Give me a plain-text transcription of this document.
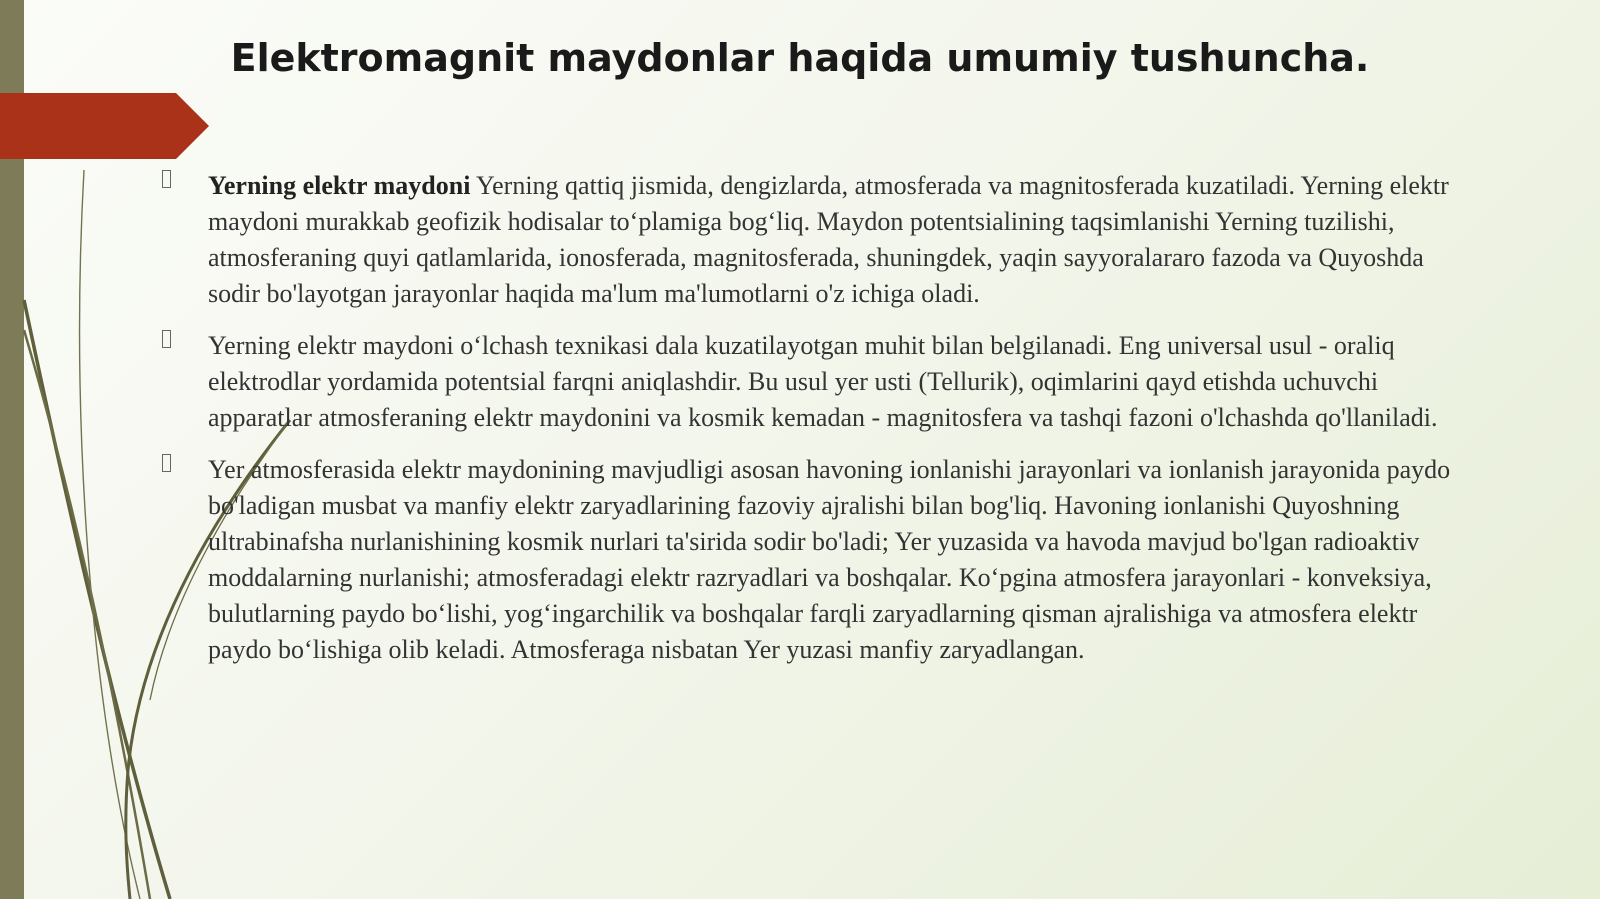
Elektromagnit maydonlar haqida umumiy tushuncha.

Yerning elektr maydoni Yerning qattiq jismida, dengizlarda, atmosferada va magnitosferada kuzatiladi. Yerning elektr maydoni murakkab geofizik hodisalar to‘plamiga bog‘liq. Maydon potentsialining taqsimlanishi Yerning tuzilishi, atmosferaning quyi qatlamlarida, ionosferada, magnitosferada, shuningdek, yaqin sayyoralararo fazoda va Quyoshda sodir bo'layotgan jarayonlar haqida ma'lum ma'lumotlarni o'z ichiga oladi.

Yerning elektr maydoni o‘lchash texnikasi dala kuzatilayotgan muhit bilan belgilanadi. Eng universal usul - oraliq elektrodlar yordamida potentsial farqni aniqlashdir. Bu usul yer usti (Tellurik), oqimlarini qayd etishda uchuvchi apparatlar atmosferaning elektr maydonini va kosmik kemadan - magnitosfera va tashqi fazoni o'lchashda qo'llaniladi.

Yer atmosferasida elektr maydonining mavjudligi asosan havoning ionlanishi jarayonlari va ionlanish jarayonida paydo bo'ladigan musbat va manfiy elektr zaryadlarining fazoviy ajralishi bilan bog'liq. Havoning ionlanishi Quyoshning ultrabinafsha nurlanishining kosmik nurlari ta'sirida sodir bo'ladi; Yer yuzasida va havoda mavjud bo'lgan radioaktiv moddalarning nurlanishi; atmosferadagi elektr razryadlari va boshqalar. Ko‘pgina atmosfera jarayonlari - konveksiya, bulutlarning paydo bo‘lishi, yog‘ingarchilik va boshqalar farqli zaryadlarning qisman ajralishiga va atmosfera elektr paydo bo‘lishiga olib keladi. Atmosferaga nisbatan Yer yuzasi manfiy zaryadlangan.
